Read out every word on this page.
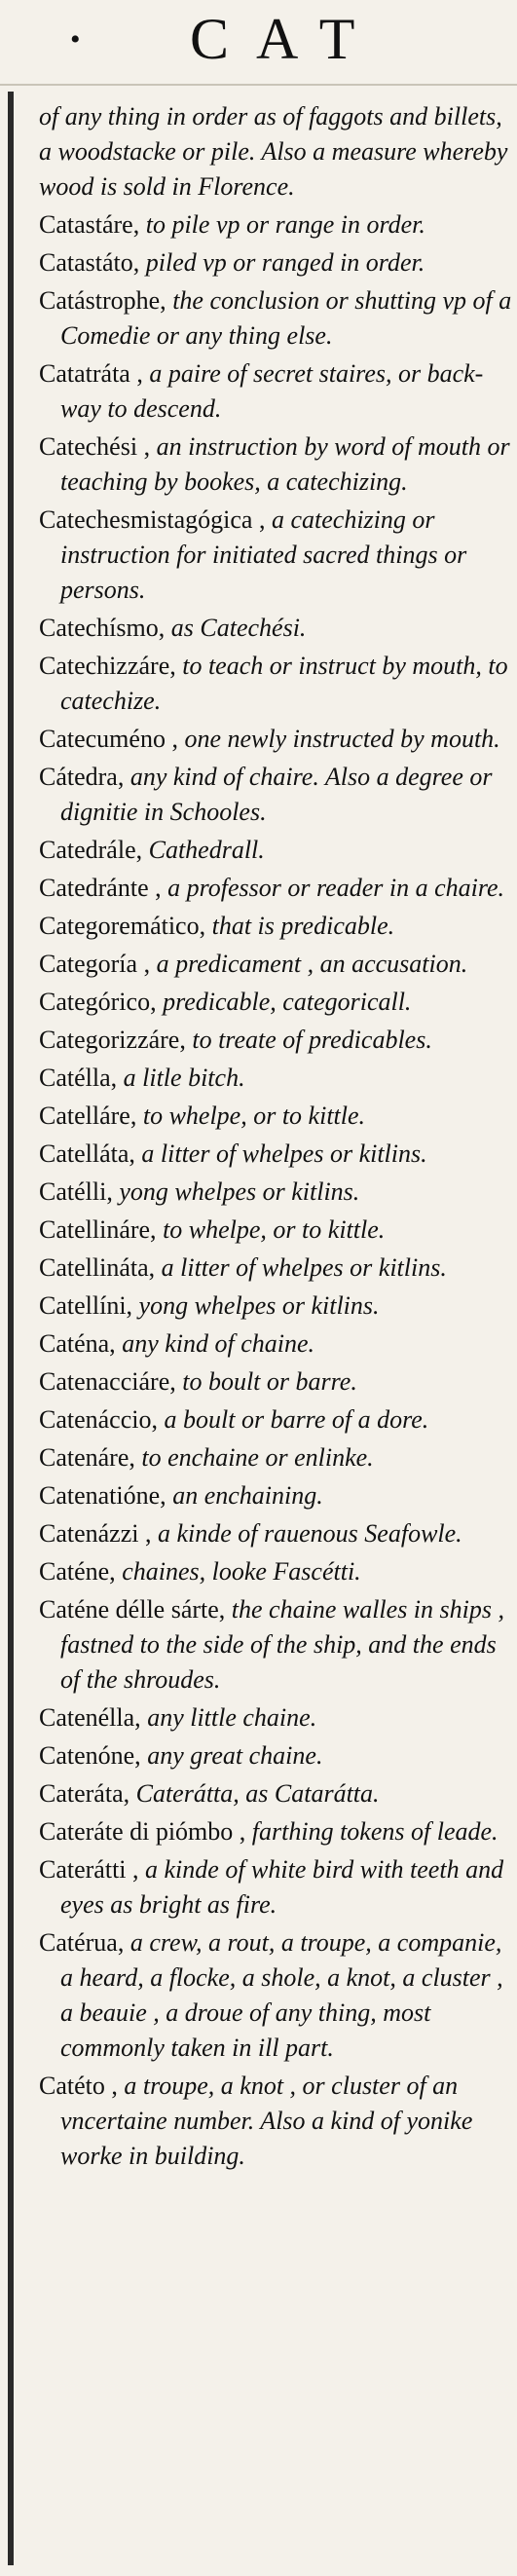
• CAT
of any thing in order as of faggots and billets, a woodstacke or pile. Also a measure whereby wood is sold in Florence.
Catastáre, to pile vp or range in order.
Catastáto, piled vp or ranged in order.
Catástrophe, the conclusion or shutting vp of a Comedie or any thing else.
Catatráta , a paire of secret staires, or back-way to descend.
Catechési , an instruction by word of mouth or teaching by bookes, a catechizing.
Catechesmistagógica , a catechizing or instruction for initiated sacred things or persons.
Catechísmo, as Catechési.
Catechizzáre, to teach or instruct by mouth, to catechize.
Catecuméno , one newly instructed by mouth.
Cátedra, any kind of chaire. Also a degree or dignitie in Schooles.
Catedrále, Cathedrall.
Catedránte , a professor or reader in a chaire.
Categoremático, that is predicable.
Categoría , a predicament , an accusation.
Categórico, predicable, categoricall.
Categorizzáre, to treate of predicables.
Catélla, a litle bitch.
Catelláre, to whelpe, or to kittle.
Catelláta, a litter of whelpes or kitlins.
Catélli, yong whelpes or kitlins.
Catellináre, to whelpe, or to kittle.
Catellináta, a litter of whelpes or kitlins.
Catellíni, yong whelpes or kitlins.
Caténa, any kind of chaine.
Catenacciáre, to boult or barre.
Catenáccio, a boult or barre of a dore.
Catenáre, to enchaine or enlinke.
Catenatióne, an enchaining.
Catenázzi , a kinde of rauenous Seafowle.
Caténe, chaines, looke Fascétti.
Caténe délle sárte, the chaine walles in ships , fastned to the side of the ship, and the ends of the shroudes.
Catenélla, any little chaine.
Catenóne, any great chaine.
Cateráta, Caterátta, as Catarátta.
Cateráte di piómbo , farthing tokens of leade.
Caterátti , a kinde of white bird with teeth and eyes as bright as fire.
Catérua, a crew, a rout, a troupe, a companie, a heard, a flocke, a shole, a knot, a cluster , a beauie , a droue of any thing, most commonly taken in ill part.
Catéto , a troupe, a knot , or cluster of an vncertaine number. Also a kind of yonike worke in building.
